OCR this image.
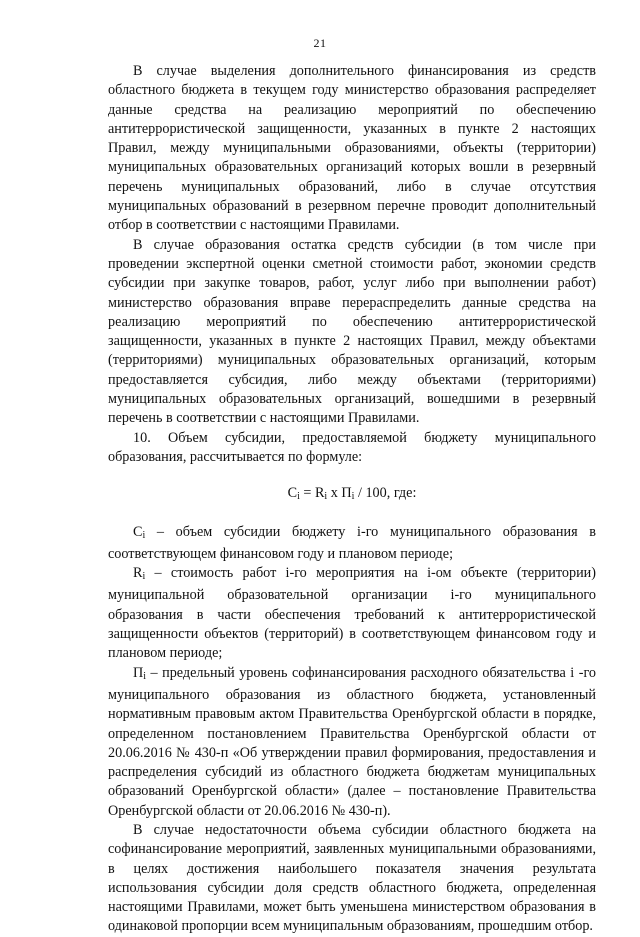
21

В случае выделения дополнительного финансирования из средств областного бюджета в текущем году министерство образования распределяет данные средства на реализацию мероприятий по обеспечению антитеррористической защищенности, указанных в пункте 2 настоящих Правил, между муниципальными образованиями, объекты (территории) муниципальных образовательных организаций которых вошли в резервный перечень муниципальных образований, либо в случае отсутствия муниципальных образований в резервном перечне проводит дополнительный отбор в соответствии с настоящими Правилами.

В случае образования остатка средств субсидии (в том числе при проведении экспертной оценки сметной стоимости работ, экономии средств субсидии при закупке товаров, работ, услуг либо при выполнении работ) министерство образования вправе перераспределить данные средства на реализацию мероприятий по обеспечению антитеррористической защищенности, указанных в пункте 2 настоящих Правил, между объектами (территориями) муниципальных образовательных организаций, которым предоставляется субсидия, либо между объектами (территориями) муниципальных образовательных организаций, вошедшими в резервный перечень в соответствии с настоящими Правилами.

10. Объем субсидии, предоставляемой бюджету муниципального образования, рассчитывается по формуле:

$C_i = R_i$ x $П_i / 100$, где:

$C_i$ – объем субсидии бюджету i-го муниципального образования в соответствующем финансовом году и плановом периоде;

$R_i$ – стоимость работ i-го мероприятия на i-ом объекте (территории) муниципальной образовательной организации i-го муниципального образования в части обеспечения требований к антитеррористической защищенности объектов (территорий) в соответствующем финансовом году и плановом периоде;

$П_i$ – предельный уровень софинансирования расходного обязательства i -го муниципального образования из областного бюджета, установленный нормативным правовым актом Правительства Оренбургской области в порядке, определенном постановлением Правительства Оренбургской области от 20.06.2016 № 430-п «Об утверждении правил формирования, предоставления и распределения субсидий из областного бюджета бюджетам муниципальных образований Оренбургской области» (далее – постановление Правительства Оренбургской области от 20.06.2016 № 430-п).

В случае недостаточности объема субсидии областного бюджета на софинансирование мероприятий, заявленных муниципальными образованиями, в целях достижения наибольшего показателя значения результата использования субсидии доля средств областного бюджета, определенная настоящими Правилами, может быть уменьшена министерством образования в одинаковой пропорции всем муниципальным образованиям, прошедшим отбор.
